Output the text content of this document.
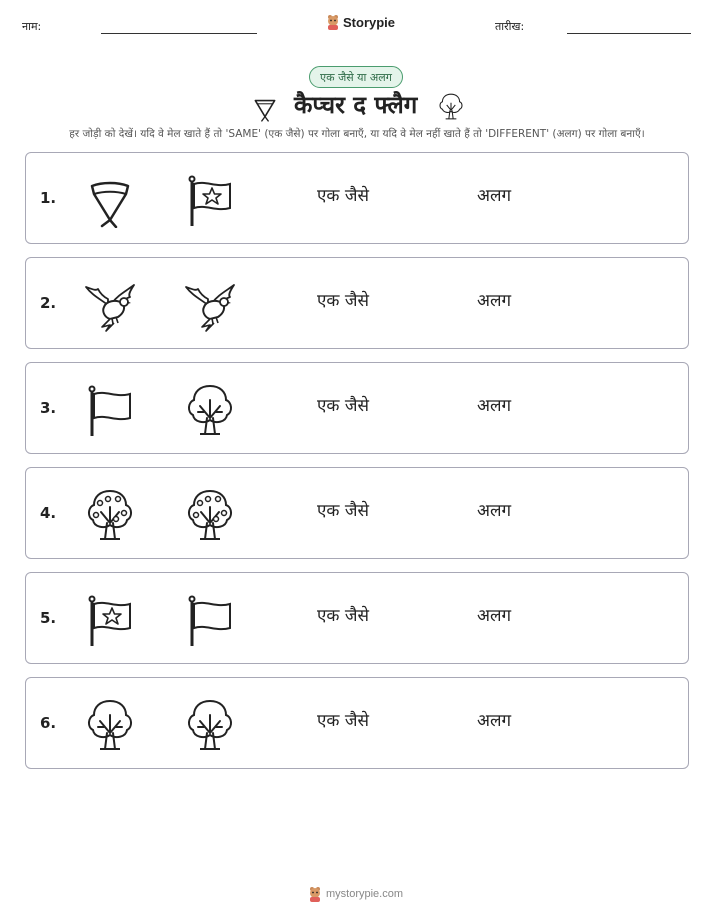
नाम:	Storypie	तारीख:
एक जैसे या अलग
कैप्चर द फ्लैग
हर जोड़ी को देखें। यदि वे मेल खाते हैं तो 'SAME' (एक जैसे) पर गोला बनाएँ, या यदि वे मेल नहीं खाते हैं तो 'DIFFERENT' (अलग) पर गोला बनाएँ।
1.	एक जैसे	अलग
2.	एक जैसे	अलग
3.	एक जैसे	अलग
4.	एक जैसे	अलग
5.	एक जैसे	अलग
6.	एक जैसे	अलग
mystorypie.com
